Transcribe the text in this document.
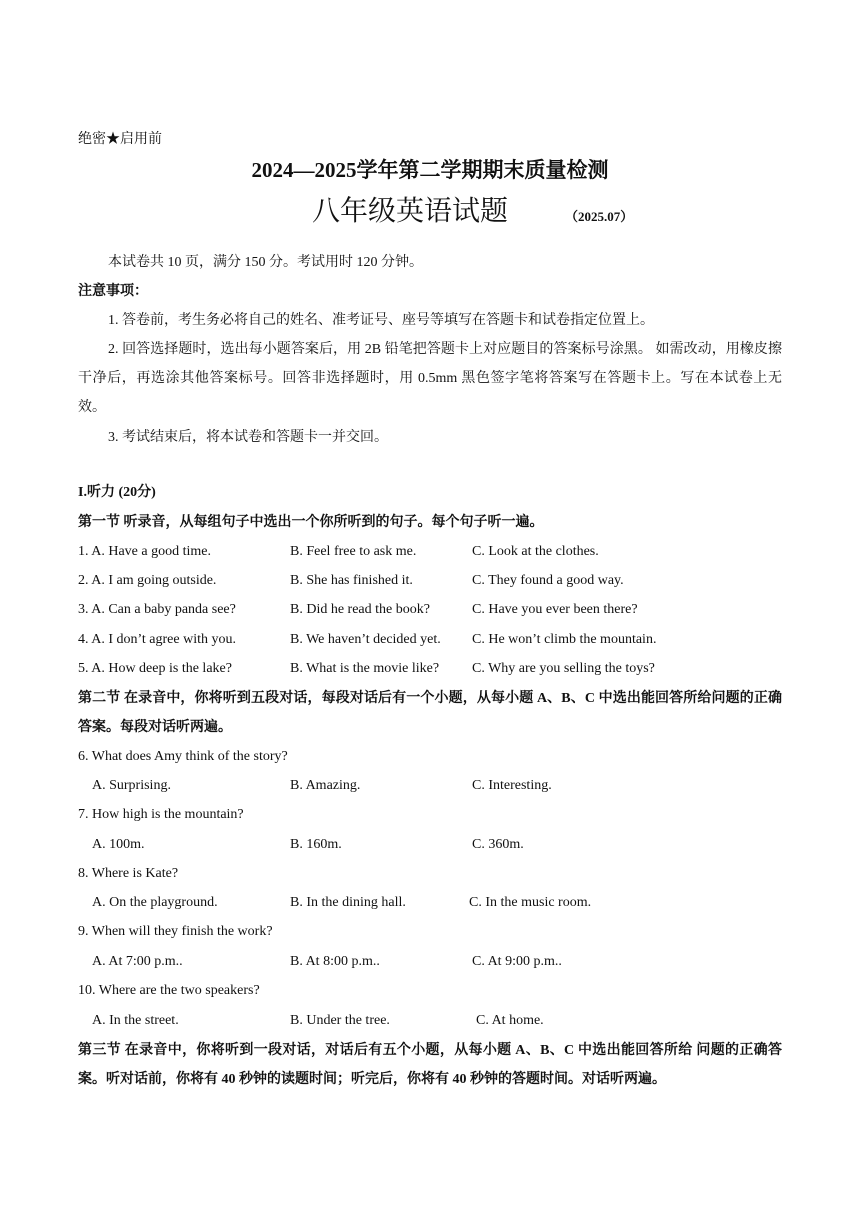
绝密★启用前
2024—2025学年第二学期期末质量检测
八年级英语试题	（2025.07）
本试卷共 10 页，满分 150 分。考试用时 120 分钟。
注意事项：
1. 答卷前，考生务必将自己的姓名、准考证号、座号等填写在答题卡和试卷指定位置上。
2. 回答选择题时，选出每小题答案后，用 2B 铅笔把答题卡上对应题目的答案标号涂黑。 如需改动，用橡皮擦干净后，再选涂其他答案标号。回答非选择题时，用 0.5mm 黑色签字笔将答案写在答题卡上。写在本试卷上无效。
3. 考试结束后，将本试卷和答题卡一并交回。
I.听力 (20分)
第一节 听录音，从每组句子中选出一个你所听到的句子。每个句子听一遍。
1. A. Have a good time.	B. Feel free to ask me.	C. Look at the clothes.
2. A. I am going outside.	B. She has finished it.	C. They found a good way.
3. A. Can a baby panda see?	B. Did he read the book?	C. Have you ever been there?
4. A. I don’t agree with you.	B. We haven’t decided yet. C. He won’t climb the mountain.
5. A. How deep is the lake?	B. What is the movie like? C. Why are you selling the toys?
第二节 在录音中，你将听到五段对话，每段对话后有一个小题，从每小题 A、B、C 中选出能回答所给问题的正确答案。每段对话听两遍。
6. What does Amy think of the story?
A. Surprising.	B. Amazing.	C. Interesting.
7. How high is the mountain?
A. 100m.	B. 160m.	C. 360m.
8. Where is Kate?
A. On the playground.	B. In the dining hall.	C. In the music room.
9. When will they finish the work?
A. At 7:00 p.m..	B. At 8:00 p.m..	C. At 9:00 p.m..
10. Where are the two speakers?
A. In the street.	B. Under the tree.	C. At home.
第三节 在录音中，你将听到一段对话，对话后有五个小题，从每小题 A、B、C 中选出能回答所给 问题的正确答案。听对话前，你将有 40 秒钟的读题时间；听完后，你将有 40 秒钟的答题时间。对话听两遍。
